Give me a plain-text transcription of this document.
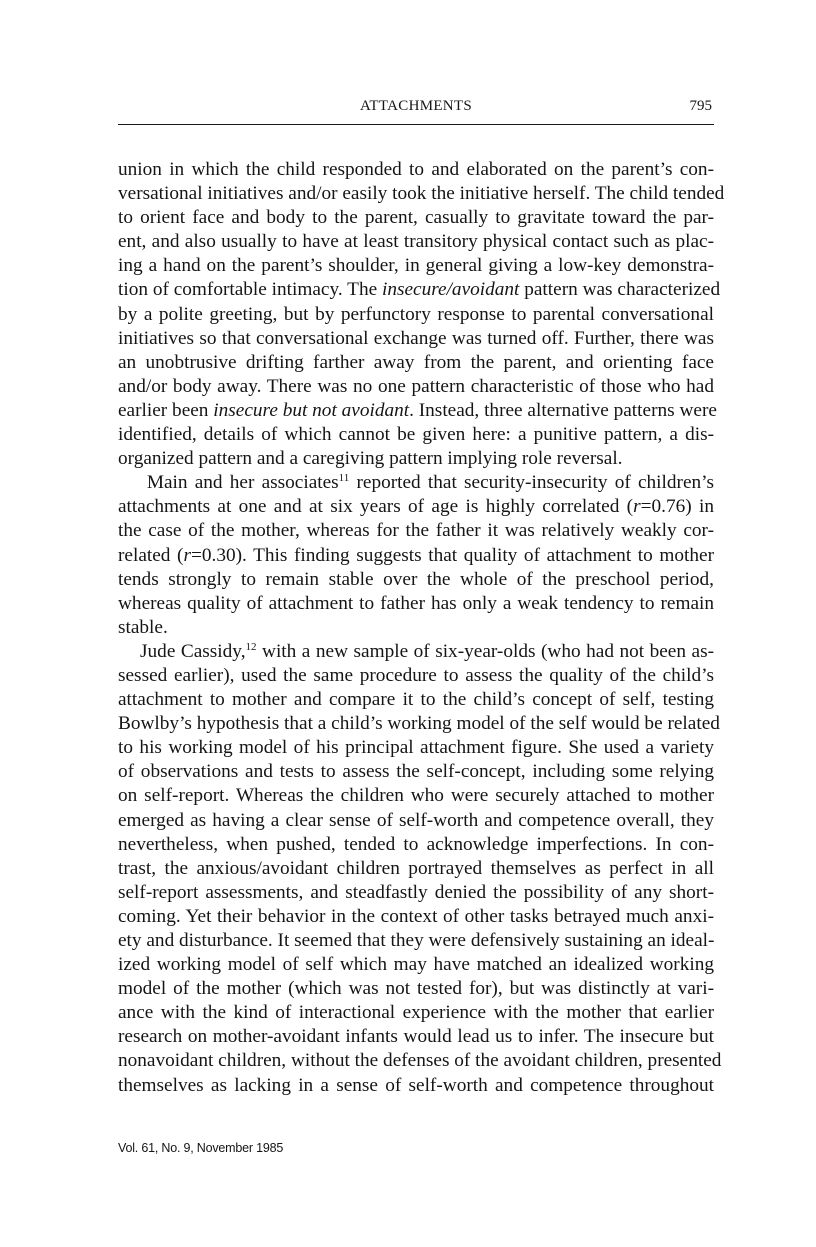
ATTACHMENTS	795

union in which the child responded to and elaborated on the parent’s con-
versational initiatives and/or easily took the initiative herself. The child tended
to orient face and body to the parent, casually to gravitate toward the par-
ent, and also usually to have at least transitory physical contact such as plac-
ing a hand on the parent’s shoulder, in general giving a low-key demonstra-
tion of comfortable intimacy. The insecure/avoidant pattern was characterized
by a polite greeting, but by perfunctory response to parental conversational
initiatives so that conversational exchange was turned off. Further, there was
an unobtrusive drifting farther away from the parent, and orienting face
and/or body away. There was no one pattern characteristic of those who had
earlier been insecure but not avoidant. Instead, three alternative patterns were
identified, details of which cannot be given here: a punitive pattern, a dis-
organized pattern and a caregiving pattern implying role reversal.

Main and her associates$^{11}$ reported that security-insecurity of children’s
attachments at one and at six years of age is highly correlated (r=0.76) in
the case of the mother, whereas for the father it was relatively weakly cor-
related (r=0.30). This finding suggests that quality of attachment to mother
tends strongly to remain stable over the whole of the preschool period,
whereas quality of attachment to father has only a weak tendency to remain
stable.

Jude Cassidy,$^{12}$ with a new sample of six-year-olds (who had not been as-
sessed earlier), used the same procedure to assess the quality of the child’s
attachment to mother and compare it to the child’s concept of self, testing
Bowlby’s hypothesis that a child’s working model of the self would be related
to his working model of his principal attachment figure. She used a variety
of observations and tests to assess the self-concept, including some relying
on self-report. Whereas the children who were securely attached to mother
emerged as having a clear sense of self-worth and competence overall, they
nevertheless, when pushed, tended to acknowledge imperfections. In con-
trast, the anxious/avoidant children portrayed themselves as perfect in all
self-report assessments, and steadfastly denied the possibility of any short-
coming. Yet their behavior in the context of other tasks betrayed much anxi-
ety and disturbance. It seemed that they were defensively sustaining an ideal-
ized working model of self which may have matched an idealized working
model of the mother (which was not tested for), but was distinctly at vari-
ance with the kind of interactional experience with the mother that earlier
research on mother-avoidant infants would lead us to infer. The insecure but
nonavoidant children, without the defenses of the avoidant children, presented
themselves as lacking in a sense of self-worth and competence throughout

Vol. 61, No. 9, November 1985
